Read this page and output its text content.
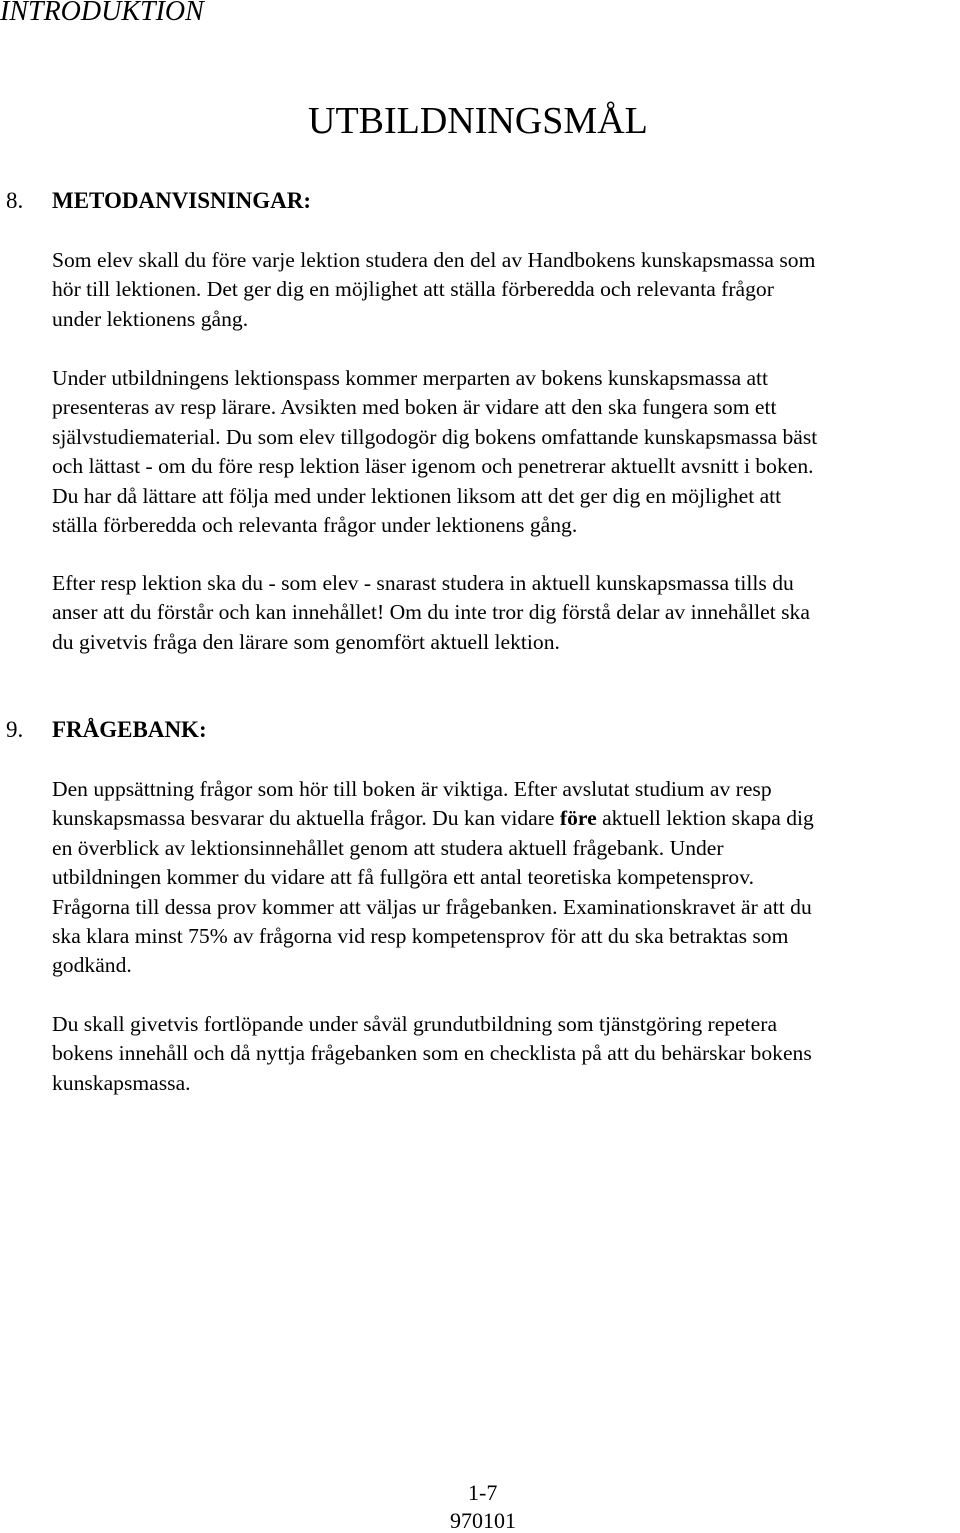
INTRODUKTION

UTBILDNINGSMÅL
8. METODANVISNINGAR:

Som elev skall du före varje lektion studera den del av Handbokens kunskapsmassa som
hör till lektionen. Det ger dig en möjlighet att ställa förberedda och relevanta frågor
under lektionens gång.

Under utbildningens lektionspass kommer merparten av bokens kunskapsmassa att
presenteras av resp lärare. Avsikten med boken är vidare att den ska fungera som ett
självstudiematerial. Du som elev tillgodogör dig bokens omfattande kunskapsmassa bäst
och lättast - om du före resp lektion läser igenom och penetrerar aktuellt avsnitt i boken.
Du har då lättare att följa med under lektionen liksom att det ger dig en möjlighet att
ställa förberedda och relevanta frågor under lektionens gång.

Efter resp lektion ska du - som elev - snarast studera in aktuell kunskapsmassa tills du
anser att du förstår och kan innehållet! Om du inte tror dig förstå delar av innehållet ska
du givetvis fråga den lärare som genomfört aktuell lektion.

9. FRÅGEBANK:

Den uppsättning frågor som hör till boken är viktiga. Efter avslutat studium av resp
kunskapsmassa besvarar du aktuella frågor. Du kan vidare före aktuell lektion skapa dig
en överblick av lektionsinnehållet genom att studera aktuell frågebank. Under
utbildningen kommer du vidare att få fullgöra ett antal teoretiska kompetensprov.
Frågorna till dessa prov kommer att väljas ur frågebanken. Examinationskravet är att du
ska klara minst 75% av frågorna vid resp kompetensprov för att du ska betraktas som
godkänd.

Du skall givetvis fortlöpande under såväl grundutbildning som tjänstgöring repetera
bokens innehåll och då nyttja frågebanken som en checklista på att du behärskar bokens
kunskapsmassa.

1-7

970101
